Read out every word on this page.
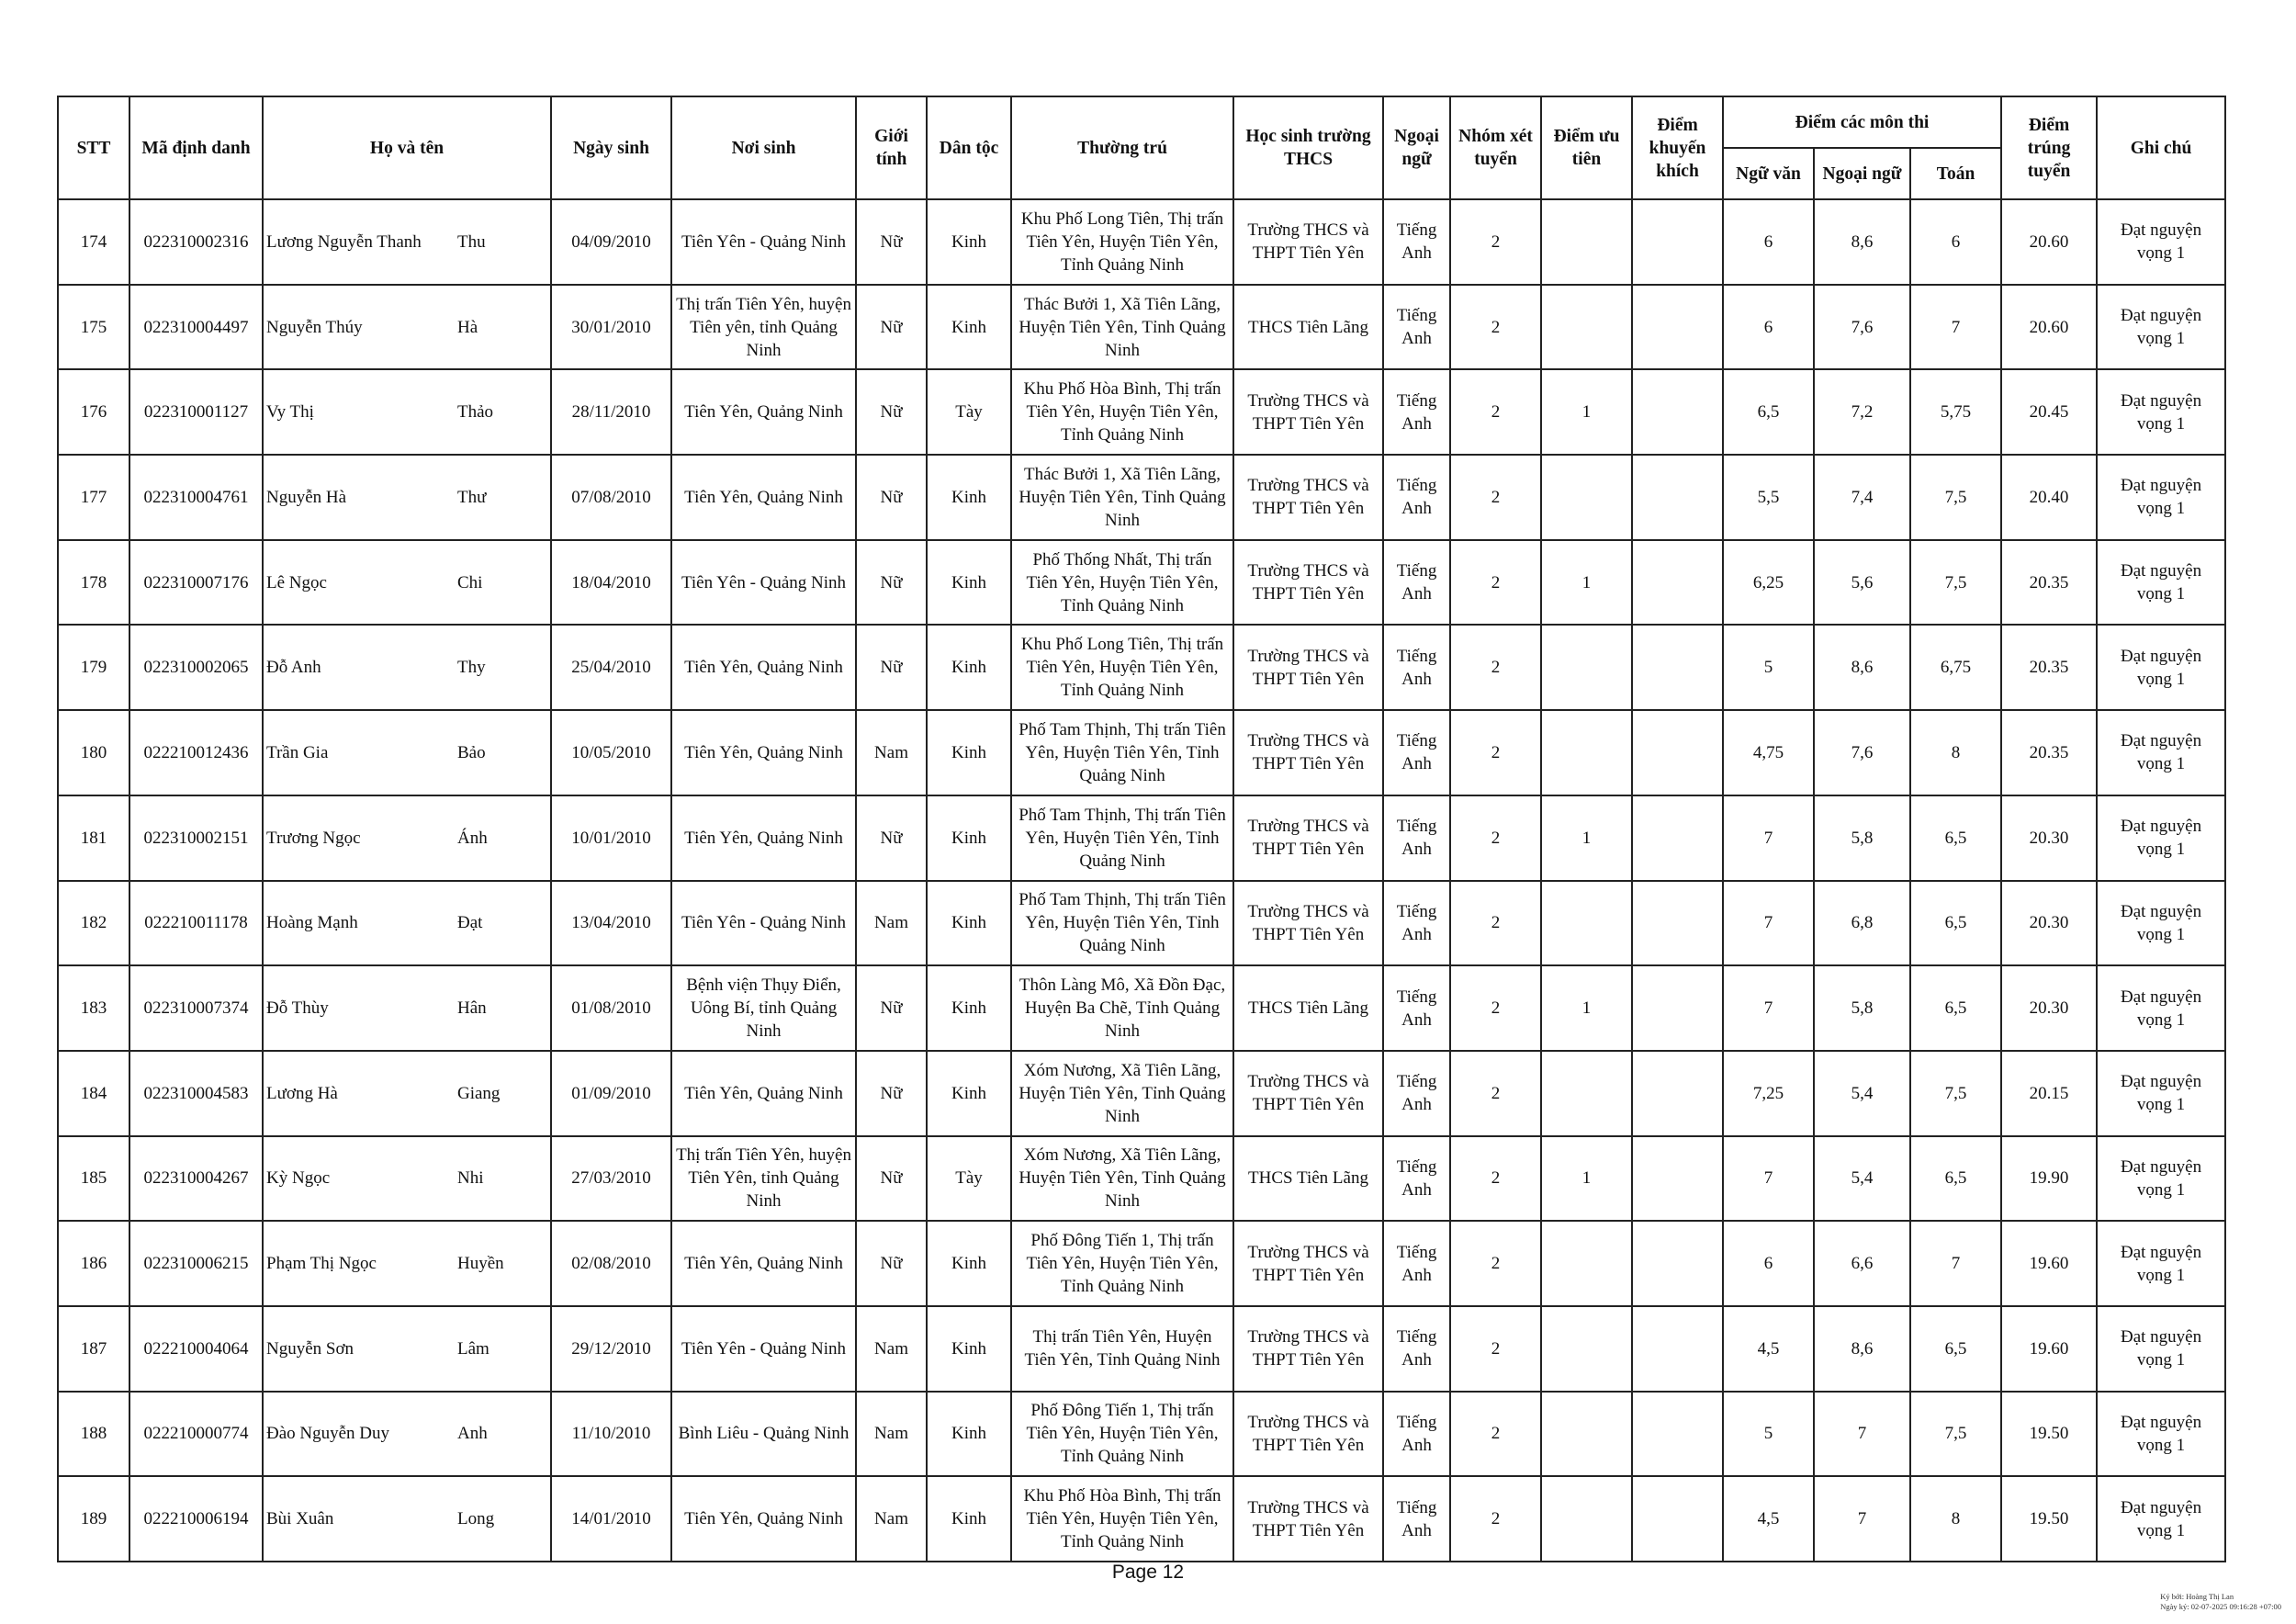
STT	Mã định danh	Họ và tên		Ngày sinh	Nơi sinh	Giới tính	Dân tộc	Thường trú	Học sinh trường THCS	Ngoại ngữ	Nhóm xét tuyển	Điểm ưu tiên	Điểm khuyến khích	Điểm các môn thi			Điểm trúng tuyển	Ghi chú
														Ngữ văn	Ngoại ngữ	Toán		
174	022310002316	Lương Nguyễn Thanh	Thu	04/09/2010	Tiên Yên - Quảng Ninh	Nữ	Kinh	Khu Phố Long Tiên, Thị trấn Tiên Yên, Huyện Tiên Yên, Tỉnh Quảng Ninh	Trường THCS và THPT Tiên Yên	Tiếng Anh	2			6	8,6	6	20.60	Đạt nguyện vọng 1
175	022310004497	Nguyễn Thúy	Hà	30/01/2010	Thị trấn Tiên Yên, huyện Tiên yên, tỉnh Quảng Ninh	Nữ	Kinh	Thác Bưởi 1, Xã Tiên Lãng, Huyện Tiên Yên, Tỉnh Quảng Ninh	THCS Tiên Lãng	Tiếng Anh	2			6	7,6	7	20.60	Đạt nguyện vọng 1
176	022310001127	Vy Thị	Thảo	28/11/2010	Tiên Yên, Quảng Ninh	Nữ	Tày	Khu Phố Hòa Bình, Thị trấn Tiên Yên, Huyện Tiên Yên, Tỉnh Quảng Ninh	Trường THCS và THPT Tiên Yên	Tiếng Anh	2	1		6,5	7,2	5,75	20.45	Đạt nguyện vọng 1
177	022310004761	Nguyễn Hà	Thư	07/08/2010	Tiên Yên, Quảng Ninh	Nữ	Kinh	Thác Bưởi 1, Xã Tiên Lãng, Huyện Tiên Yên, Tỉnh Quảng Ninh	Trường THCS và THPT Tiên Yên	Tiếng Anh	2			5,5	7,4	7,5	20.40	Đạt nguyện vọng 1
178	022310007176	Lê Ngọc	Chi	18/04/2010	Tiên Yên - Quảng Ninh	Nữ	Kinh	Phố Thống Nhất, Thị trấn Tiên Yên, Huyện Tiên Yên, Tỉnh Quảng Ninh	Trường THCS và THPT Tiên Yên	Tiếng Anh	2	1		6,25	5,6	7,5	20.35	Đạt nguyện vọng 1
179	022310002065	Đỗ Anh	Thy	25/04/2010	Tiên Yên, Quảng Ninh	Nữ	Kinh	Khu Phố Long Tiên, Thị trấn Tiên Yên, Huyện Tiên Yên, Tỉnh Quảng Ninh	Trường THCS và THPT Tiên Yên	Tiếng Anh	2			5	8,6	6,75	20.35	Đạt nguyện vọng 1
180	022210012436	Trần Gia	Bảo	10/05/2010	Tiên Yên, Quảng Ninh	Nam	Kinh	Phố Tam Thịnh, Thị trấn Tiên Yên, Huyện Tiên Yên, Tỉnh Quảng Ninh	Trường THCS và THPT Tiên Yên	Tiếng Anh	2			4,75	7,6	8	20.35	Đạt nguyện vọng 1
181	022310002151	Trương Ngọc	Ánh	10/01/2010	Tiên Yên, Quảng Ninh	Nữ	Kinh	Phố Tam Thịnh, Thị trấn Tiên Yên, Huyện Tiên Yên, Tỉnh Quảng Ninh	Trường THCS và THPT Tiên Yên	Tiếng Anh	2	1		7	5,8	6,5	20.30	Đạt nguyện vọng 1
182	022210011178	Hoàng Mạnh	Đạt	13/04/2010	Tiên Yên - Quảng Ninh	Nam	Kinh	Phố Tam Thịnh, Thị trấn Tiên Yên, Huyện Tiên Yên, Tỉnh Quảng Ninh	Trường THCS và THPT Tiên Yên	Tiếng Anh	2			7	6,8	6,5	20.30	Đạt nguyện vọng 1
183	022310007374	Đỗ Thùy	Hân	01/08/2010	Bệnh viện Thụy Điển, Uông Bí, tỉnh Quảng Ninh	Nữ	Kinh	Thôn Làng Mô, Xã Đồn Đạc, Huyện Ba Chẽ, Tỉnh Quảng Ninh	THCS Tiên Lãng	Tiếng Anh	2	1		7	5,8	6,5	20.30	Đạt nguyện vọng 1
184	022310004583	Lương Hà	Giang	01/09/2010	Tiên Yên, Quảng Ninh	Nữ	Kinh	Xóm Nương, Xã Tiên Lãng, Huyện Tiên Yên, Tỉnh Quảng Ninh	Trường THCS và THPT Tiên Yên	Tiếng Anh	2			7,25	5,4	7,5	20.15	Đạt nguyện vọng 1
185	022310004267	Kỳ Ngọc	Nhi	27/03/2010	Thị trấn Tiên Yên, huyện Tiên Yên, tỉnh Quảng Ninh	Nữ	Tày	Xóm Nương, Xã Tiên Lãng, Huyện Tiên Yên, Tỉnh Quảng Ninh	THCS Tiên Lãng	Tiếng Anh	2	1		7	5,4	6,5	19.90	Đạt nguyện vọng 1
186	022310006215	Phạm Thị Ngọc	Huyền	02/08/2010	Tiên Yên, Quảng Ninh	Nữ	Kinh	Phố Đông Tiến 1, Thị trấn Tiên Yên, Huyện Tiên Yên, Tỉnh Quảng Ninh	Trường THCS và THPT Tiên Yên	Tiếng Anh	2			6	6,6	7	19.60	Đạt nguyện vọng 1
187	022210004064	Nguyễn Sơn	Lâm	29/12/2010	Tiên Yên - Quảng Ninh	Nam	Kinh	Thị trấn Tiên Yên, Huyện Tiên Yên, Tỉnh Quảng Ninh	Trường THCS và THPT Tiên Yên	Tiếng Anh	2			4,5	8,6	6,5	19.60	Đạt nguyện vọng 1
188	022210000774	Đào Nguyễn Duy	Anh	11/10/2010	Bình Liêu - Quảng Ninh	Nam	Kinh	Phố Đông Tiến 1, Thị trấn Tiên Yên, Huyện Tiên Yên, Tỉnh Quảng Ninh	Trường THCS và THPT Tiên Yên	Tiếng Anh	2			5	7	7,5	19.50	Đạt nguyện vọng 1
189	022210006194	Bùi Xuân	Long	14/01/2010	Tiên Yên, Quảng Ninh	Nam	Kinh	Khu Phố Hòa Bình, Thị trấn Tiên Yên, Huyện Tiên Yên, Tỉnh Quảng Ninh	Trường THCS và THPT Tiên Yên	Tiếng Anh	2			4,5	7	8	19.50	Đạt nguyện vọng 1
Page 12
Ký bởi: Hoàng Thị Lan
Ngày ký: 02-07-2025 09:16:28 +07:00
